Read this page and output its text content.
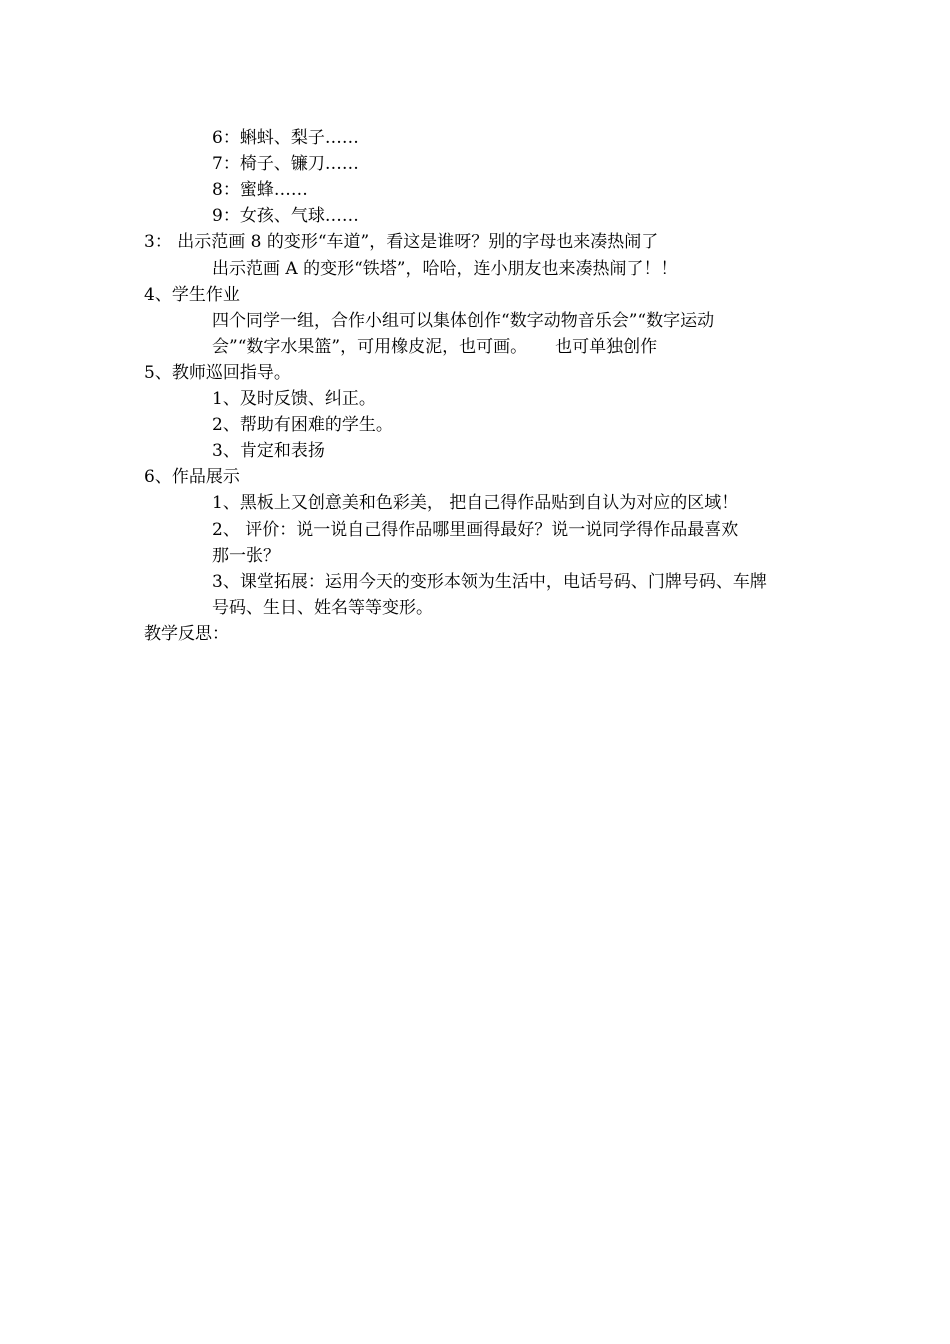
6：蝌蚪、梨子……
7：椅子、镰刀……
8：蜜蜂……
9：女孩、气球……
3： 出示范画 8 的变形“车道”，看这是谁呀？别的字母也来凑热闹了
出示范画 A 的变形“铁塔”，哈哈，连小朋友也来凑热闹了！！
4、学生作业
四个同学一组，合作小组可以集体创作“数字动物音乐会”“数字运动
会”“数字水果篮”，可用橡皮泥，也可画。 也可单独创作
5、教师巡回指导。
1、及时反馈、纠正。
2、帮助有困难的学生。
3、肯定和表扬
6、作品展示
1、黑板上又创意美和色彩美， 把自己得作品贴到自认为对应的区域！
2、 评价：说一说自己得作品哪里画得最好？说一说同学得作品最喜欢
那一张？
3、课堂拓展：运用今天的变形本领为生活中，电话号码、门牌号码、车牌
号码、生日、姓名等等变形。
教学反思：
